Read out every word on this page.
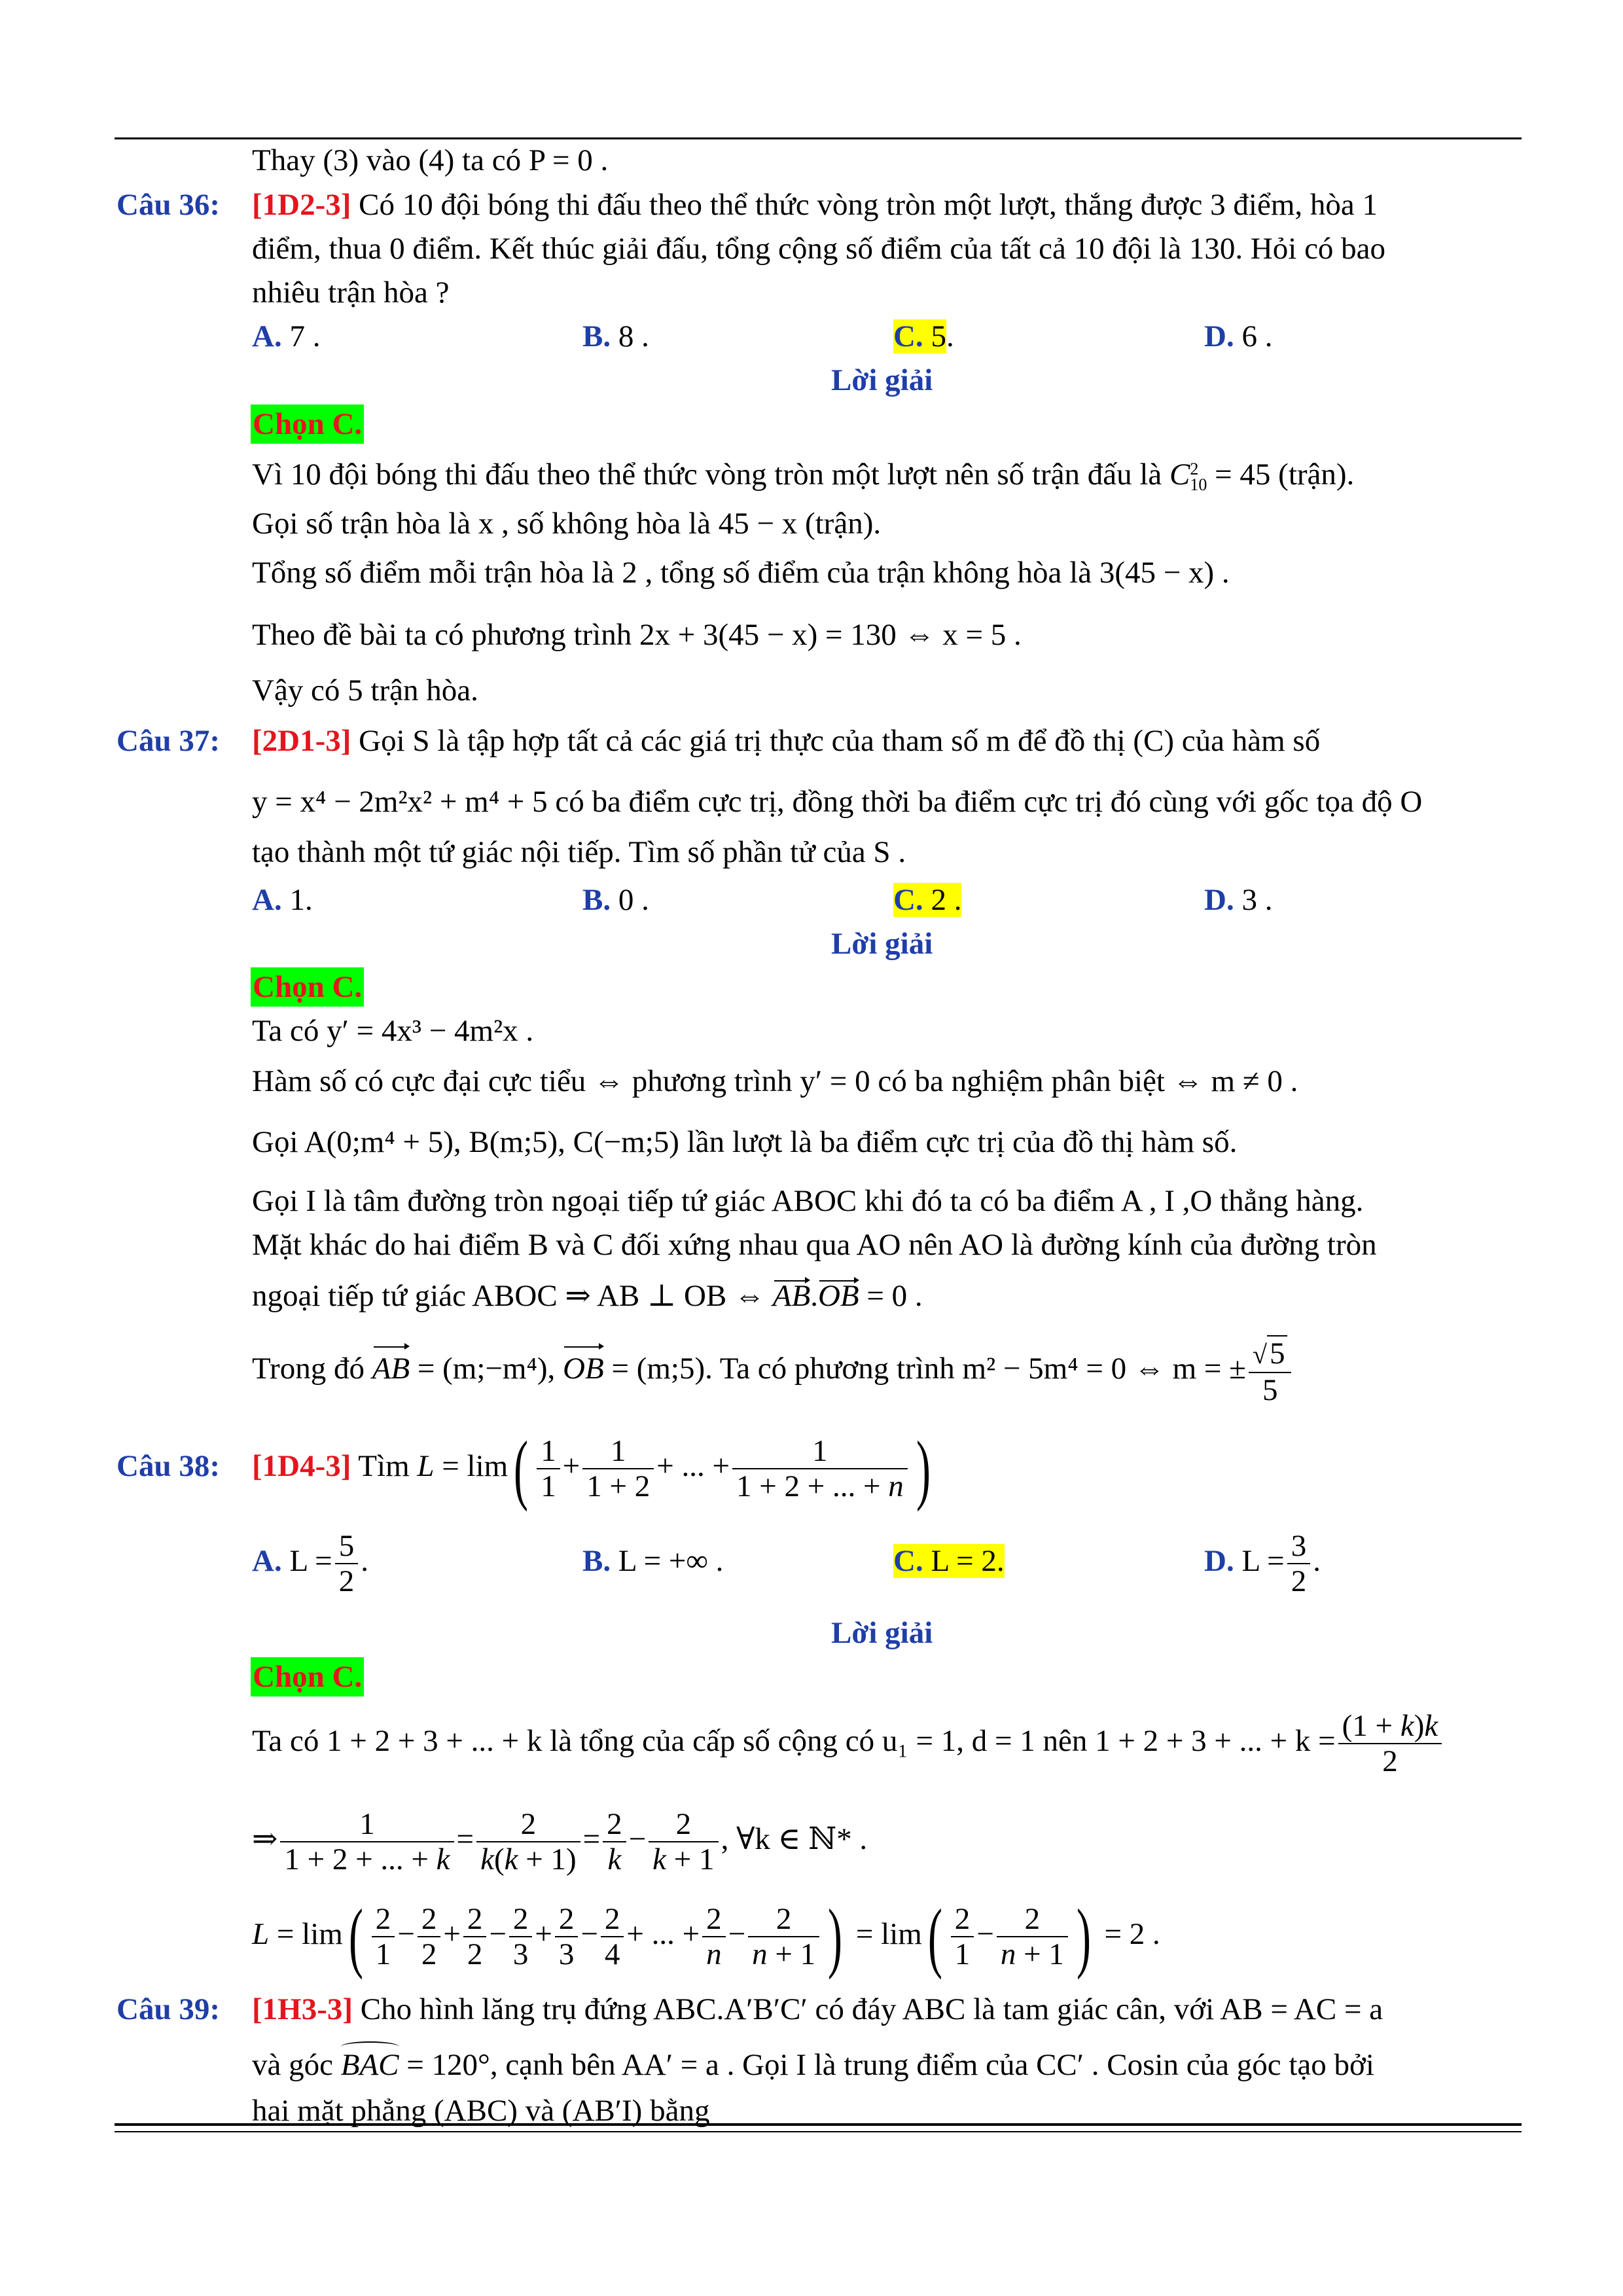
Thay (3) vào (4) ta có P = 0 .
Câu 36: [1D2-3] Có 10 đội bóng thi đấu theo thể thức vòng tròn một lượt, thắng được 3 điểm, hòa 1
điểm, thua 0 điểm. Kết thúc giải đấu, tổng cộng số điểm của tất cả 10 đội là 130. Hỏi có bao
nhiêu trận hòa ?
A. 7 .	B. 8 .	C. 5.	D. 6 .
Lời giải
Chọn C.
Vì 10 đội bóng thi đấu theo thể thức vòng tròn một lượt nên số trận đấu là C 2
10 = 45 (trận).
Gọi số trận hòa là x , số không hòa là 45 − x (trận).
Tổng số điểm mỗi trận hòa là 2 , tổng số điểm của trận không hòa là 3(45 − x) .
Theo đề bài ta có phương trình 2x + 3(45 − x) = 130 ⇔ x = 5 .
Vậy có 5 trận hòa.
Câu 37: [2D1-3] Gọi S là tập hợp tất cả các giá trị thực của tham số m để đồ thị (C) của hàm số
y = x⁴ − 2m²x² + m⁴ + 5 có ba điểm cực trị, đồng thời ba điểm cực trị đó cùng với gốc tọa độ O
tạo thành một tứ giác nội tiếp. Tìm số phần tử của S .
A. 1.	B. 0 .	C. 2 .	D. 3 .
Lời giải
Chọn C.
Ta có y′ = 4x³ − 4m²x .
Hàm số có cực đại cực tiểu ⇔ phương trình y′ = 0 có ba nghiệm phân biệt ⇔ m ≠ 0 .
Gọi A(0;m⁴ + 5), B(m;5), C(−m;5) lần lượt là ba điểm cực trị của đồ thị hàm số.
Gọi I là tâm đường tròn ngoại tiếp tứ giác ABOC khi đó ta có ba điểm A , I ,O thẳng hàng.
Mặt khác do hai điểm B và C đối xứng nhau qua AO nên AO là đường kính của đường tròn
ngoại tiếp tứ giác ABOC ⇒ AB ⊥ OB ⇔ AB.OB = 0 .
Trong đó AB = (m;−m⁴), OB = (m;5). Ta có phương trình m² − 5m⁴ = 0 ⇔ m = ± $\frac{√5}{5}$
Câu 38: [1D4-3] Tìm $L = \lim( \frac{1}{1} + \frac{1}{1 + 2}$ + ... + $\frac{1}{1 + 2 + ... + n}$ )
A. $L = \frac{5}{2}$ .	B. L = +∞ .	C. L = 2.	D. $L = \frac{3}{2}$ .
Lời giải
Chọn C.
Ta có 1 + 2 + 3 + ... + k là tổng của cấp số cộng có u₁ = 1, d = 1 nên 1 + 2 + 3 + ... + $k = \frac{(1 + k)k}{2}$
⇒ $\frac{1}{1 + 2 + ... + k} = \frac{2}{k(k + 1)} = \frac{2}{k} - \frac{2}{k + 1}$ , ∀k ∈ ℕ* .
$L = \lim( \frac{2}{1} - \frac{2}{2} + \frac{2}{2} - \frac{2}{3} + \frac{2}{3} - \frac{2}{4}$ + ... + $\frac{2}{n} - \frac{2}{n + 1}$ ) = $\lim( \frac{2}{1} - \frac{2}{n + 1}$ ) = 2 .
Câu 39: [1H3-3] Cho hình lăng trụ đứng ABC.A′B′C′ có đáy ABC là tam giác cân, với AB = AC = a
và góc BAC = 120°, cạnh bên AA′ = a . Gọi I là trung điểm của CC′ . Cosin của góc tạo bởi
hai mặt phẳng (ABC) và (AB′I) bằng
